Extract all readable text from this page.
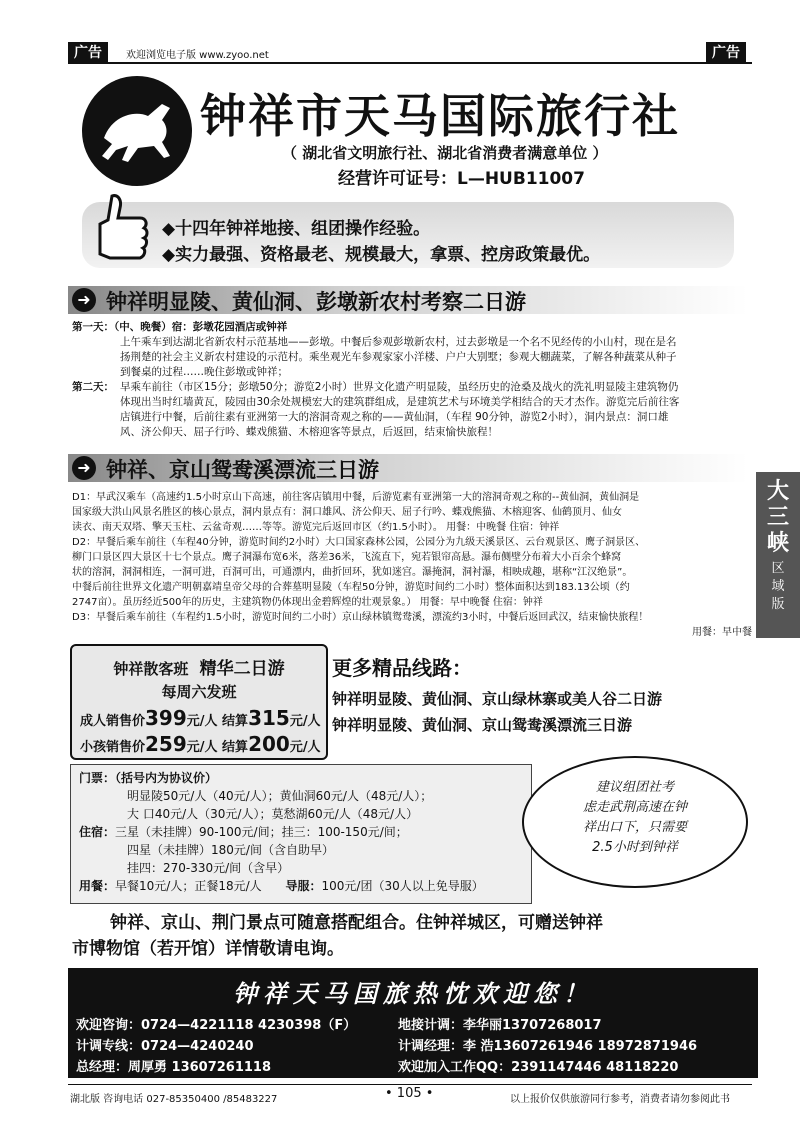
广告	欢迎浏览电子版 www.zyoo.net	广告
钟祥市天马国际旅行社
（ 湖北省文明旅行社、湖北省消费者满意单位 ）
经营许可证号：L—HUB11007
◆十四年钟祥地接、组团操作经验。
◆实力最强、资格最老、规模最大，拿票、控房政策最优。
➜ 钟祥明显陵、黄仙洞、彭墩新农村考察二日游
第一天：（中、晚餐）宿：彭墩花园酒店或钟祥
上午乘车到达湖北省新农村示范基地——彭墩。中餐后参观彭墩新农村，过去彭墩是一个名不见经传的小山村，现在是名
扬荆楚的社会主义新农村建设的示范村。乘坐观光车参观家家小洋楼、户户大别墅；参观大棚蔬菜，了解各种蔬菜从种子
到餐桌的过程……晚住彭墩或钟祥；
第二天： 早乘车前往（市区15分；彭墩50分；游览2小时）世界文化遗产明显陵，虽经历史的沧桑及战火的洗礼明显陵主建筑物仍
体现出当时红墙黄瓦，陵园由30余处规模宏大的建筑群组成，是建筑艺术与环境美学相结合的天才杰作。游览完后前往客
店镇进行中餐，后前往素有亚洲第一大的溶洞奇观之称的——黄仙洞，（车程 90分钟，游览2小时），洞内景点：洞口雄
风、济公仰天、屈子行吟、蝶戏熊猫、木榕迎客等景点，后返回，结束愉快旅程！
➜ 钟祥、京山鸳鸯溪漂流三日游
D1：早武汉乘车（高速约1.5小时京山下高速，前往客店镇用中餐，后游览素有亚洲第一大的溶洞奇观之称的--黄仙洞，黄仙洞是
国家级大洪山风景名胜区的核心景点，洞内景点有：洞口雄风、济公仰天、屈子行吟、蝶戏熊猫、木榕迎客、仙鹤顶月、仙女
读衣、南天双塔、擎天玉柱、云盆奇观……等等。游览完后返回市区（约1.5小时）。 用餐：中晚餐 住宿：钟祥
D2：早餐后乘车前往（车程40分钟，游览时间约2小时）大口国家森林公园，公园分为九级天溪景区、云台观景区、鹰子洞景区、
柳门口景区四大景区十七个景点。鹰子洞瀑布宽6米，落差36米，飞流直下，宛若银帘高悬。瀑布侧壁分布着大小百余个蜂窝
状的溶洞，洞洞相连，一洞可进，百洞可出，可通漂内，曲折回环，犹如迷宫。瀑掩洞，洞衬瀑，相映成趣，堪称“江汉绝景”。
中餐后前往世界文化遗产明朝嘉靖皇帝父母的合葬墓明显陵（车程50分钟，游览时间约二小时）整体面积达到183.13公顷（约
2747亩）。虽历经近500年的历史，主建筑物仍体现出金碧辉煌的壮观景象。） 用餐：早中晚餐 住宿：钟祥
D3：早餐后乘车前往（车程约1.5小时，游览时间约二小时）京山绿林镇鸳鸯溪，漂流约3小时，中餐后返回武汉，结束愉快旅程！
用餐：早中餐
大
三
峡
区
域
版
钟祥散客班 精华二日游
每周六发班
成人销售价399元/人 结算315元/人
小孩销售价259元/人 结算200元/人
更多精品线路：
钟祥明显陵、黄仙洞、京山绿林寨或美人谷二日游
钟祥明显陵、黄仙洞、京山鸳鸯溪漂流三日游
门票：（括号内为协议价）
明显陵50元/人（40元/人）；黄仙洞60元/人（48元/人）；
大 口40元/人（30元/人）；莫愁湖60元/人（48元/人）
住宿：三星（未挂牌）90-100元/间；挂三：100-150元/间；
四星（未挂牌）180元/间（含自助早）
挂四：270-330元/间（含早）
用餐：早餐10元/人；正餐18元/人 导服：100元/团（30人以上免导服）
建议组团社考
虑走武荆高速在钟
祥出口下，只需要
2.5小时到钟祥
钟祥、京山、荆门景点可随意搭配组合。住钟祥城区，可赠送钟祥
市博物馆（若开馆）详情敬请电询。
钟祥天马国旅热忱欢迎您！
欢迎咨询：0724—4221118 4230398（F）	地接计调：李华丽13707268017
计调专线：0724—4240240	计调经理：李 浩13607261946 18972871946
总经理：周厚勇 13607261118	欢迎加入工作QQ：2391147446 48118220
湖北版 咨询电话 027-85350400 /85483227	• 105 •	以上报价仅供旅游同行参考，消费者请勿参阅此书
